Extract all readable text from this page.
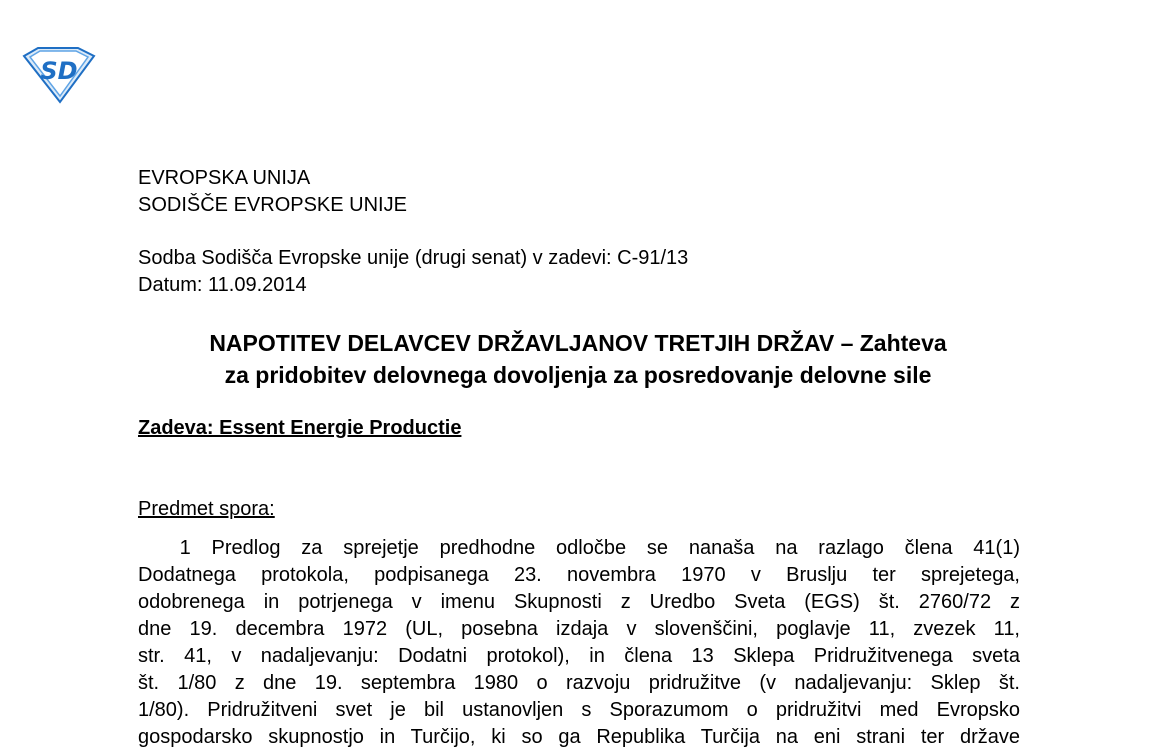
SD
EVROPSKA UNIJA
SODIŠČE EVROPSKE UNIJE
Sodba Sodišča Evropske unije (drugi senat) v zadevi: C-91/13
Datum: 11.09.2014
NAPOTITEV DELAVCEV DRŽAVLJANOV TRETJIH DRŽAV – Zahteva
za pridobitev delovnega dovoljenja za posredovanje delovne sile
Zadeva: Essent Energie Productie
Predmet spora:
1 Predlog za sprejetje predhodne odločbe se nanaša na razlago člena 41(1)
Dodatnega protokola, podpisanega 23. novembra 1970 v Bruslju ter sprejetega,
odobrenega in potrjenega v imenu Skupnosti z Uredbo Sveta (EGS) št. 2760/72 z
dne 19. decembra 1972 (UL, posebna izdaja v slovenščini, poglavje 11, zvezek 11,
str. 41, v nadaljevanju: Dodatni protokol), in člena 13 Sklepa Pridružitvenega sveta
št. 1/80 z dne 19. septembra 1980 o razvoju pridružitve (v nadaljevanju: Sklep št.
1/80). Pridružitveni svet je bil ustanovljen s Sporazumom o pridružitvi med Evropsko
gospodarsko skupnostjo in Turčijo, ki so ga Republika Turčija na eni strani ter države
